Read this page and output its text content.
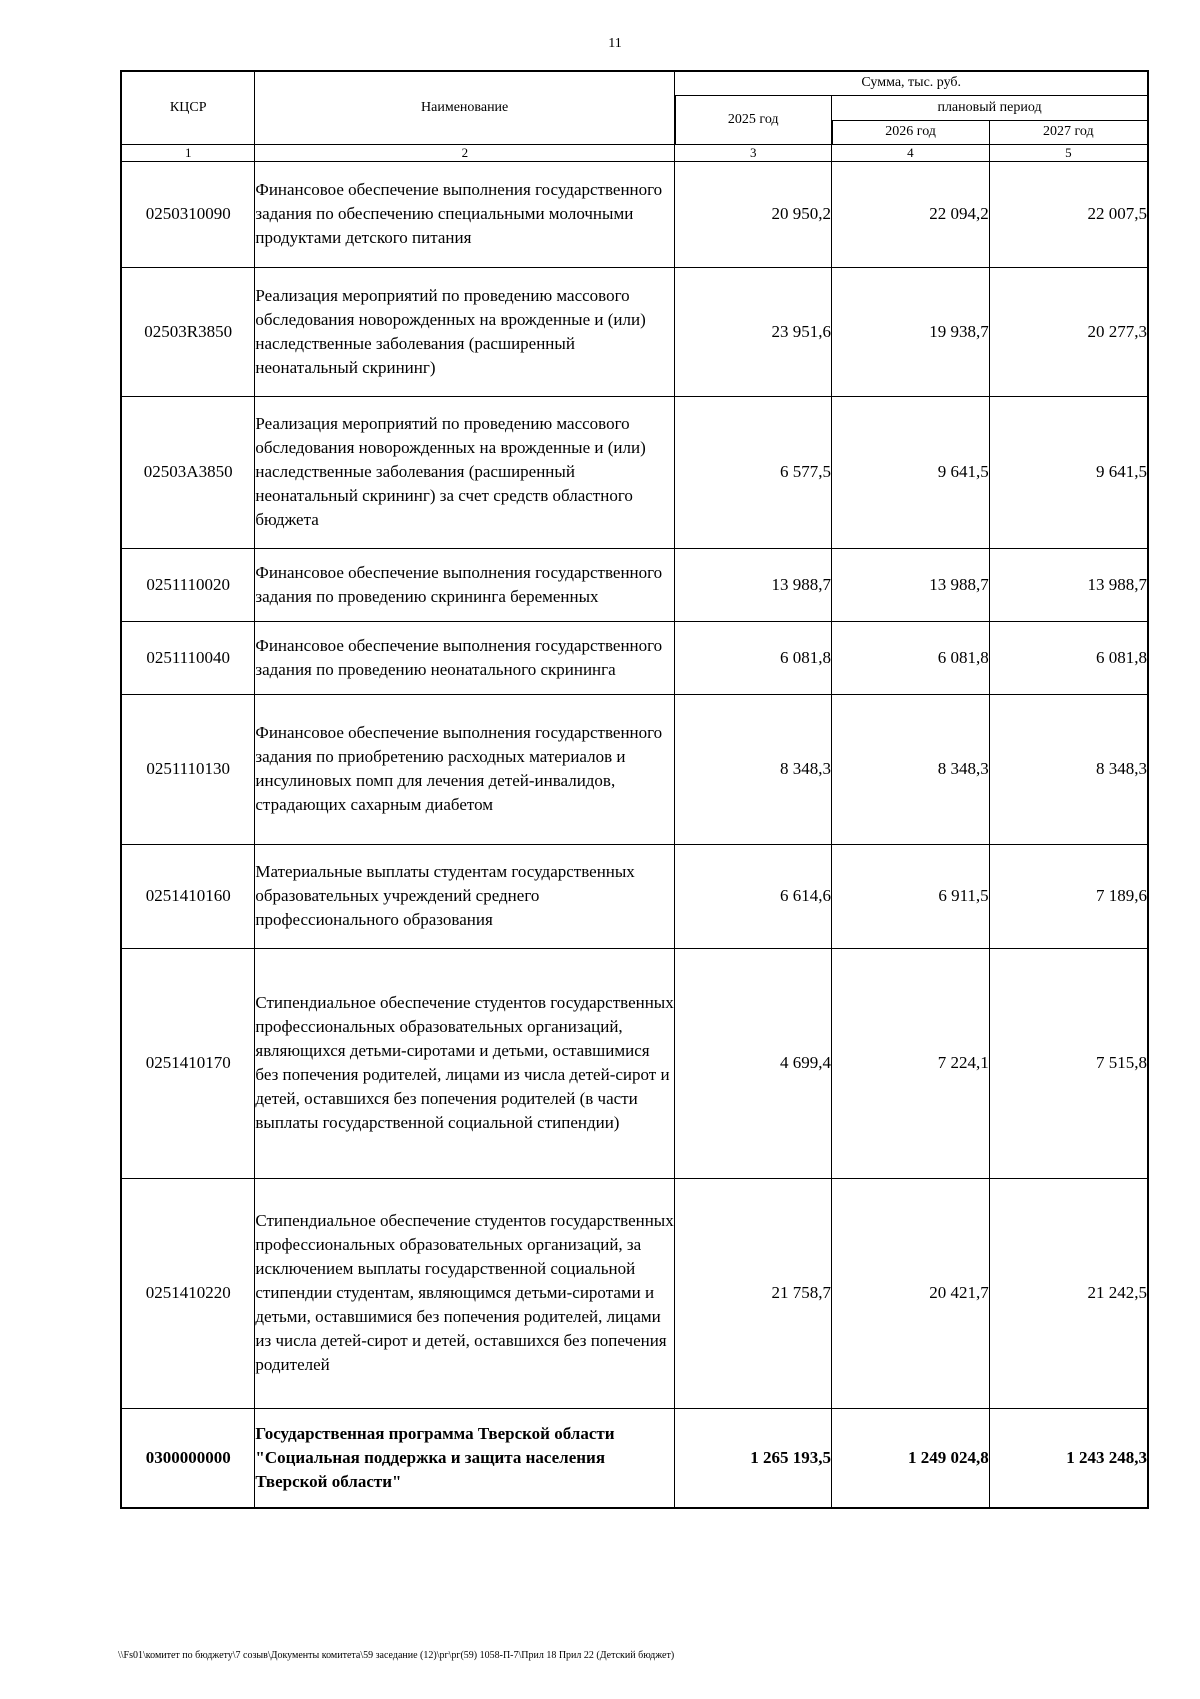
11
КЦСР	Наименование	Сумма, тыс. руб.		
		2025 год	плановый период	
			2026 год	2027 год
1	2	3	4	5
0250310090	Финансовое обеспечение выполнения государственного задания по обеспечению специальными молочными продуктами детского питания	20 950,2	22 094,2	22 007,5
02503R3850	Реализация мероприятий по проведению массового обследования новорожденных на врожденные и (или) наследственные заболевания (расширенный неонатальный скрининг)	23 951,6	19 938,7	20 277,3
02503А3850	Реализация мероприятий по проведению массового обследования новорожденных на врожденные и (или) наследственные заболевания (расширенный неонатальный скрининг) за счет средств областного бюджета	6 577,5	9 641,5	9 641,5
0251110020	Финансовое обеспечение выполнения государственного задания по проведению скрининга беременных	13 988,7	13 988,7	13 988,7
0251110040	Финансовое обеспечение выполнения государственного задания по проведению неонатального скрининга	6 081,8	6 081,8	6 081,8
0251110130	Финансовое обеспечение выполнения государственного задания по приобретению расходных материалов и инсулиновых помп для лечения детей-инвалидов, страдающих сахарным диабетом	8 348,3	8 348,3	8 348,3
0251410160	Материальные выплаты студентам государственных образовательных учреждений среднего профессионального образования	6 614,6	6 911,5	7 189,6
0251410170	Стипендиальное обеспечение студентов государственных профессиональных образовательных организаций, являющихся детьми-сиротами и детьми, оставшимися без попечения родителей, лицами из числа детей-сирот и детей, оставшихся без попечения родителей (в части выплаты государственной социальной стипендии)	4 699,4	7 224,1	7 515,8
0251410220	Стипендиальное обеспечение студентов государственных профессиональных образовательных организаций, за исключением выплаты государственной социальной стипендии студентам, являющимся детьми-сиротами и детьми, оставшимися без попечения родителей, лицами из числа детей-сирот и детей, оставшихся без попечения родителей	21 758,7	20 421,7	21 242,5
0300000000	Государственная программа Тверской области "Социальная поддержка и защита населения Тверской области"	1 265 193,5	1 249 024,8	1 243 248,3
\\Fs01\комитет по бюджету\7 созыв\Документы комитета\59 заседание (12)\рг\рг(59) 1058-П-7\Прил 18 Прил 22 (Детский бюджет)
